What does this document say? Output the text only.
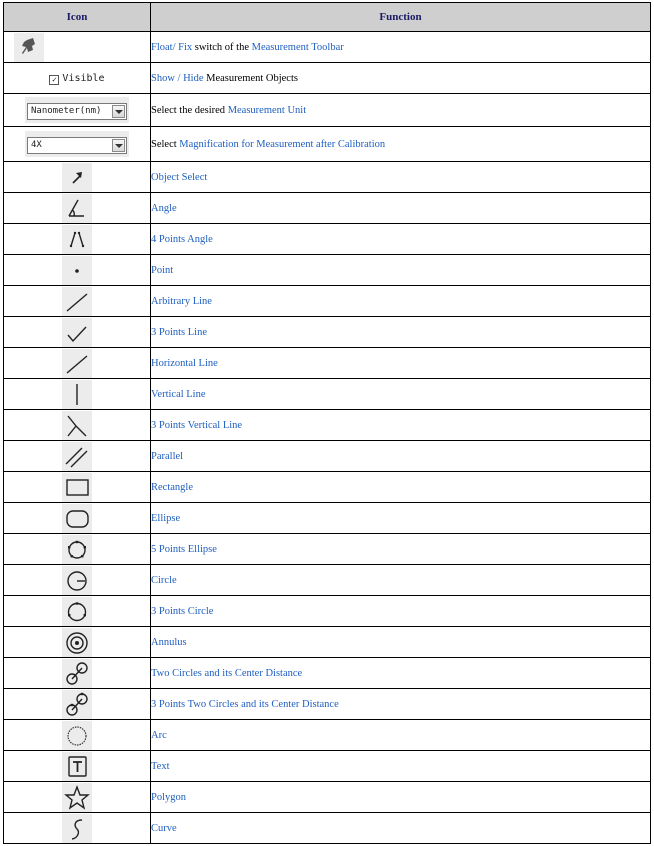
Icon	Function

	Float/ Fix switch of the Measurement Toolbar
✓ Visible	Show / Hide Measurement Objects

Nanometer(nm)	Select the desired Measurement Unit

4X	Select Magnification for Measurement after Calibration

	Object Select

	Angle

	4 Points Angle

	Point

	Arbitrary Line

	3 Points Line

	Horizontal Line

	Vertical Line

	3 Points Vertical Line

	Parallel

	Rectangle

	Ellipse

	5 Points Ellipse

	Circle

	3 Points Circle

	Annulus

	Two Circles and its Center Distance

	3 Points Two Circles and its Center Distance

	Arc

	Text

	Polygon

	Curve
